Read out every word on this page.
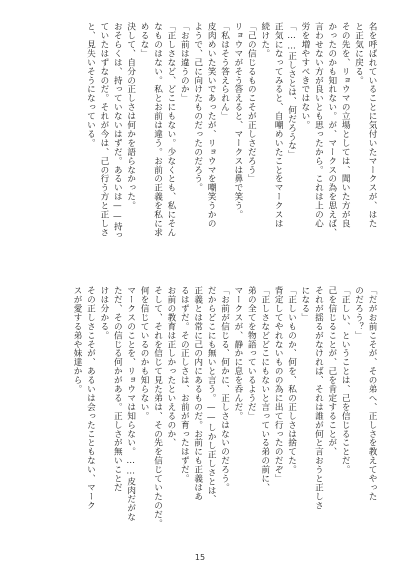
名を呼ばれていることに気付いたマークスが、はた
と正気に戻る。
その先を、リョウマの立場としては、聞いた方が良
かったのかも知れない。が、マークスの為を思えば、
言わせない方が良いとも思ったから。これは上の心
労を増やすべきではない。
「……正しさとは、何だろうな」
正気になってみると、自嘲めいたことをマークスは
続けた。
「己の信じるものこそが正しさだろう」
リョウマがそう答えると、マークスは鼻で笑う。
「私はそう答えられん」
皮肉めいた笑いであったが、リョウマを嘲笑うかの
ようで、己に向けたものだったのだろう。
「お前は違うのか」
「正しさなど、どこにもない。少なくとも、私にそん
なものはない。私とお前は違う。お前の正義を私に求
めるな」
決して、自分の正しさは何かを語らなかった。
おそらくは、持っていないはずだ。あるいは——持っ
ていたはずなのだ。それが今は、己の行う方と正しさ
と、見失いそうになっている。
「だがお前こそが、その弟へ、正しさを教えてやった
のだろう？」
「正しい、ということは、己を信じることだ。
己を信じることが、己を肯定することが、
それが揺るがなければ、それは誰が何と言おうと正しさ
になる」
「正しいものか、何を、私の正しさは捨てた。
背定してやれないものの為に出て行ったのだぞ」
「正しさなどどこにもないと言っている弟の前に、
弟の全てを物語っているようだ」
マークスが、静かに息を呑んだ。
「お前が信じる、何かに、正しさはないのだろう。
だからどこにも無いと言う。——しかし正しさとは、
正義とは常に己の内にあるものだ。お前にも正義はあ
るはずだ。その正しさは、お前が育ったはずだ。
お前の教育は正しかったといえるのか、
そして、それを信じて見た弟は、その先を信じていたのだ。
何を信じているのかも知らない。
マークスのことを、リョウマは知らない。……皮肉だがな
ただ、その信じる何かがある。正しさが無いことだ
けは分かる。
その正しさこそが、あるいは会ったこともない、マーク
スが愛する弟や妹達から。
15
